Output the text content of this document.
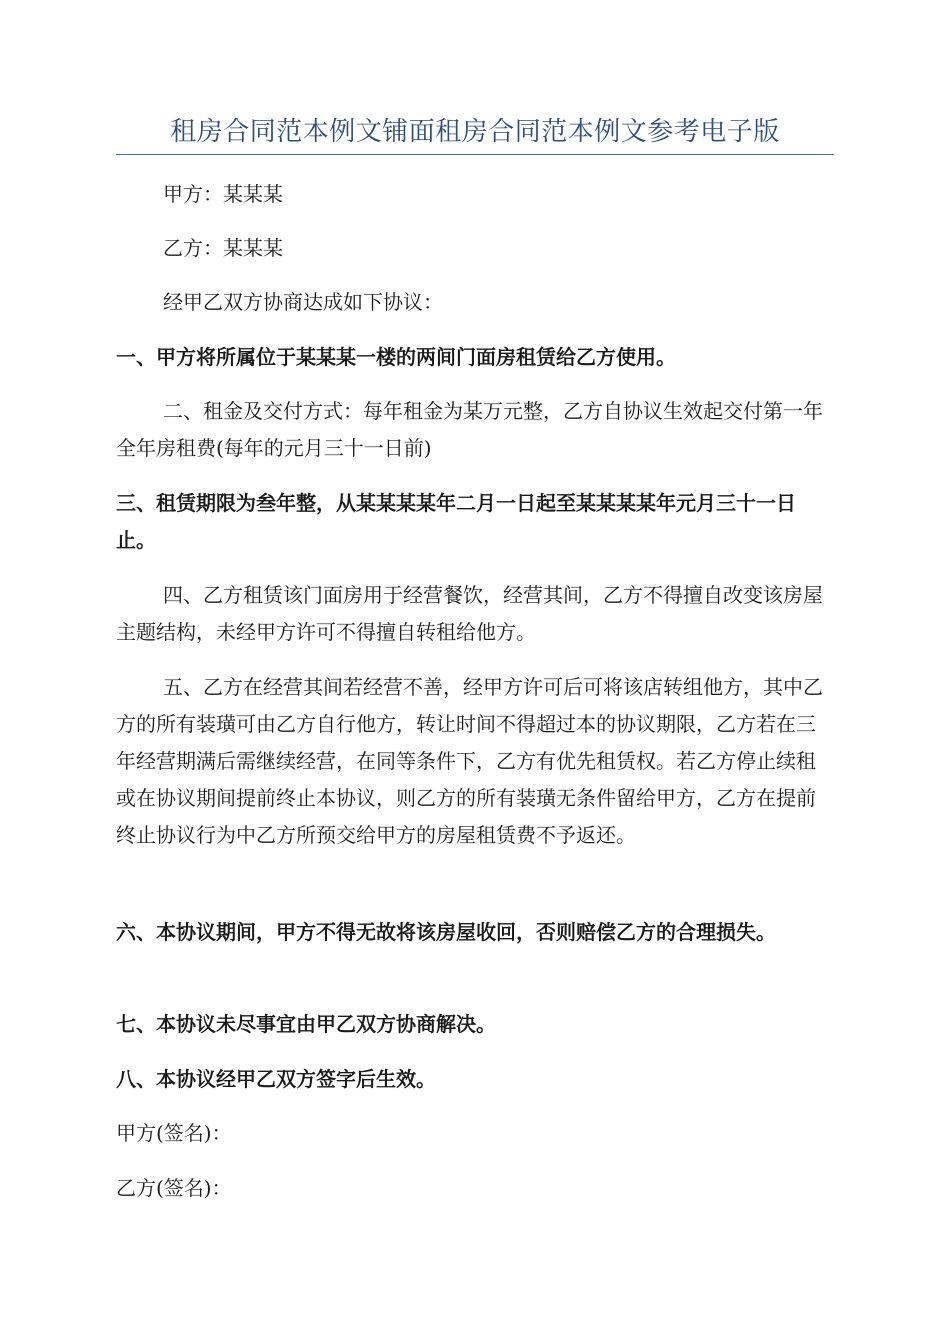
租房合同范本例文铺面租房合同范本例文参考电子版

甲方：某某某

乙方：某某某

经甲乙双方协商达成如下协议：

一、甲方将所属位于某某某一楼的两间门面房租赁给乙方使用。

二、租金及交付方式：每年租金为某万元整，乙方自协议生效起交付第一年全年房租费(每年的元月三十一日前)

三、租赁期限为叁年整，从某某某某年二月一日起至某某某某年元月三十一日止。

四、乙方租赁该门面房用于经营餐饮，经营其间，乙方不得擅自改变该房屋主题结构，未经甲方许可不得擅自转租给他方。

五、乙方在经营其间若经营不善，经甲方许可后可将该店转组他方，其中乙方的所有装璜可由乙方自行他方，转让时间不得超过本的协议期限，乙方若在三年经营期满后需继续经营，在同等条件下，乙方有优先租赁权。若乙方停止续租或在协议期间提前终止本协议，则乙方的所有装璜无条件留给甲方，乙方在提前终止协议行为中乙方所预交给甲方的房屋租赁费不予返还。

六、本协议期间，甲方不得无故将该房屋收回，否则赔偿乙方的合理损失。

七、本协议未尽事宜由甲乙双方协商解决。

八、本协议经甲乙双方签字后生效。

甲方(签名)：

乙方(签名)：
